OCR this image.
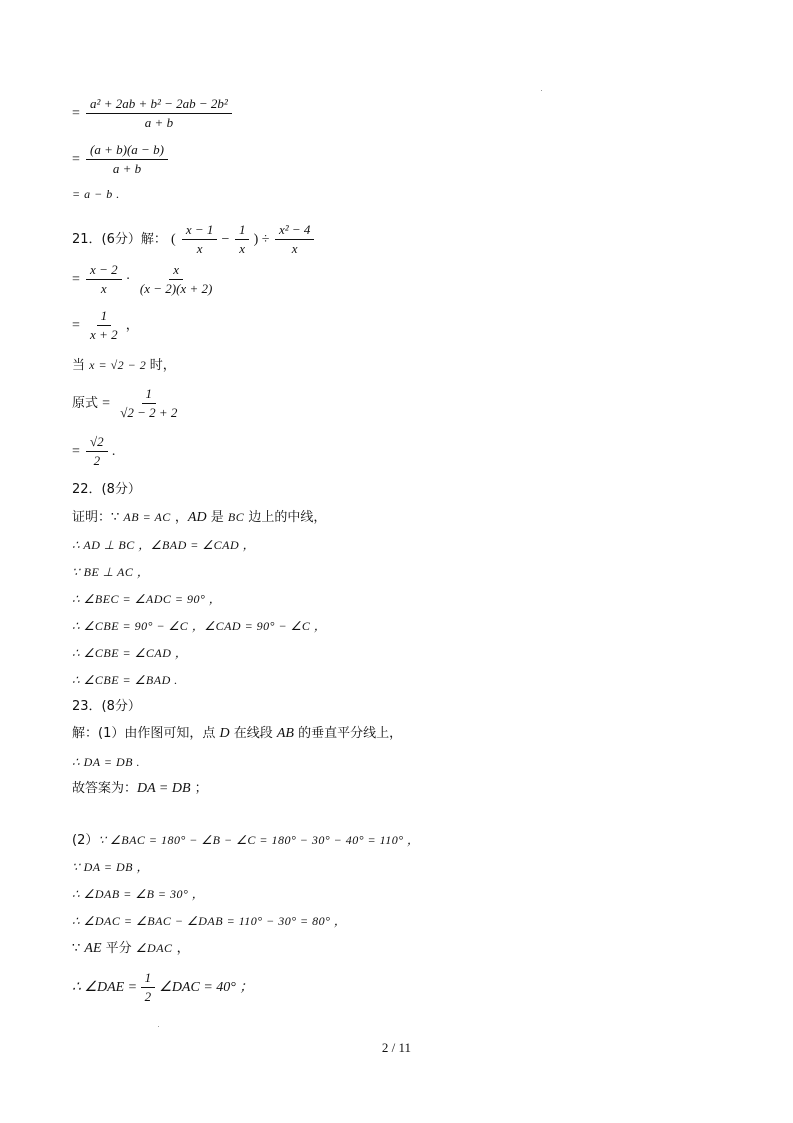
= $\frac{\text{a² + 2ab + b² − 2ab − 2b²}}{a + b}$
= $\frac{(a + b)(a - b)}{a + b}$
= a − b .
21．(6分）解： ( $\frac{x - 1}{x} - \frac{1}{x}$ ) ÷ $\frac{\text{x² − 4}}{x}$
= $\frac{x - 2}{x} \cdot \frac{x}{(x - 2)(x + 2)}$
= $\frac{1}{x + 2}$ ，
当 x = √2 − 2 时，
原式 = $\frac{1}{√2 - 2 + 2}$
= $\frac{√2}{2}$ .
22．(8分）
证明：∵ AB = AC ，AD 是 BC 边上的中线，
∴ AD ⊥ BC ，∠BAD = ∠CAD ，
∵ BE ⊥ AC ，
∴ ∠BEC = ∠ADC = 90° ，
∴ ∠CBE = 90° − ∠C ，∠CAD = 90° − ∠C ，
∴ ∠CBE = ∠CAD ，
∴ ∠CBE = ∠BAD .
23．(8分）
解：(1）由作图可知，点 D 在线段 AB 的垂直平分线上，
∴ DA = DB .
故答案为：DA = DB ；
(2）∵ ∠BAC = 180° − ∠B − ∠C = 180° − 30° − 40° = 110° ，
∵ DA = DB ，
∴ ∠DAB = ∠B = 30° ，
∴ ∠DAC = ∠BAC − ∠DAB = 110° − 30° = 80° ，
∵ AE 平分 ∠DAC ，
∴ ∠DAE = $\frac{1}{2}$ ∠DAC = 40° ；
2 / 11
